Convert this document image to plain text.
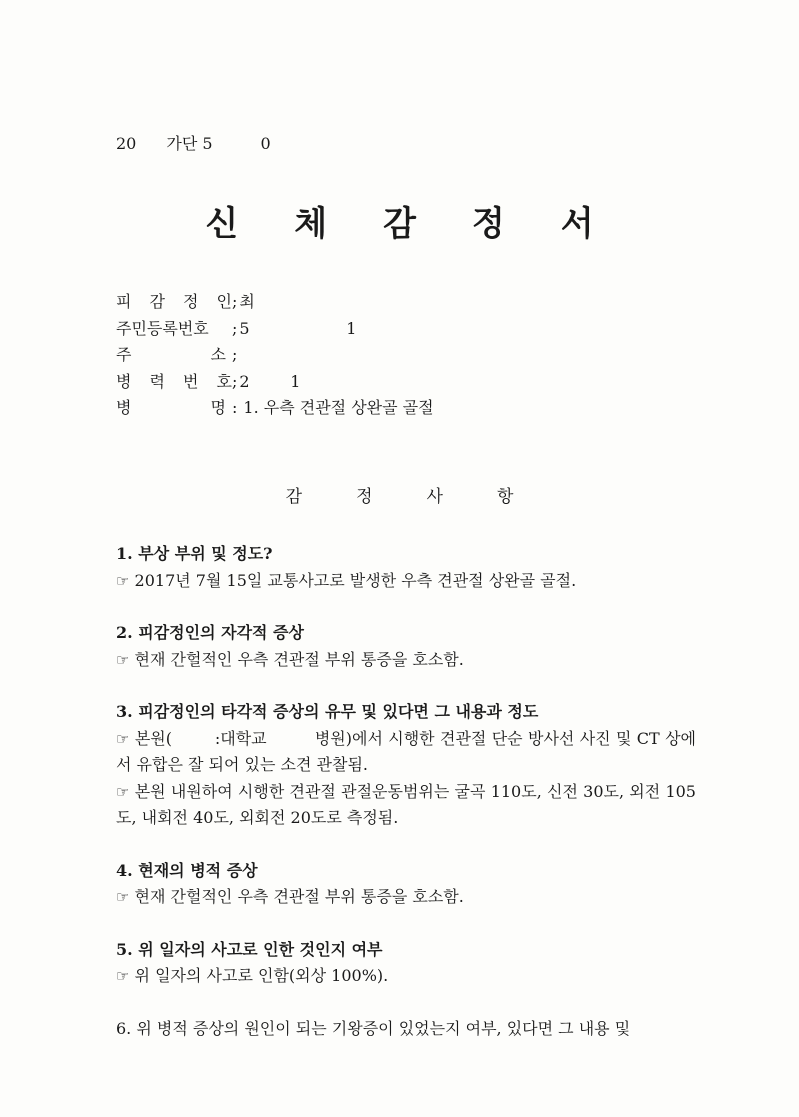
20 가단 5	0
신 체 감 정 서
피 감 정 인 ; 최
주민등록번호 ; 5                   1
주	소 ;
병 력 번 호 ; 2        1
병	명 : 1. 우측 견관절 상완골 골절
감	정	사	항
1. 부상 부위 및 정도?
☞ 2017년 7월 15일 교통사고로 발생한 우측 견관절 상완골 골절.
2. 피감정인의 자각적 증상
☞ 현재 간헐적인 우측 견관절 부위 통증을 호소함.
3. 피감정인의 타각적 증상의 유무 및 있다면 그 내용과 정도
☞ 본원(        :대학교         병원)에서 시행한 견관절 단순 방사선 사진 및 CT 상에서 유합은 잘 되어 있는 소견 관찰됨.
☞ 본원 내원하여 시행한 견관절 관절운동범위는 굴곡 110도, 신전 30도, 외전 105도, 내회전 40도, 외회전 20도로 측정됨.
4. 현재의 병적 증상
☞ 현재 간헐적인 우측 견관절 부위 통증을 호소함.
5. 위 일자의 사고로 인한 것인지 여부
☞ 위 일자의 사고로 인함(외상 100%).
6. 위 병적 증상의 원인이 되는 기왕증이 있었는지 여부, 있다면 그 내용 및
